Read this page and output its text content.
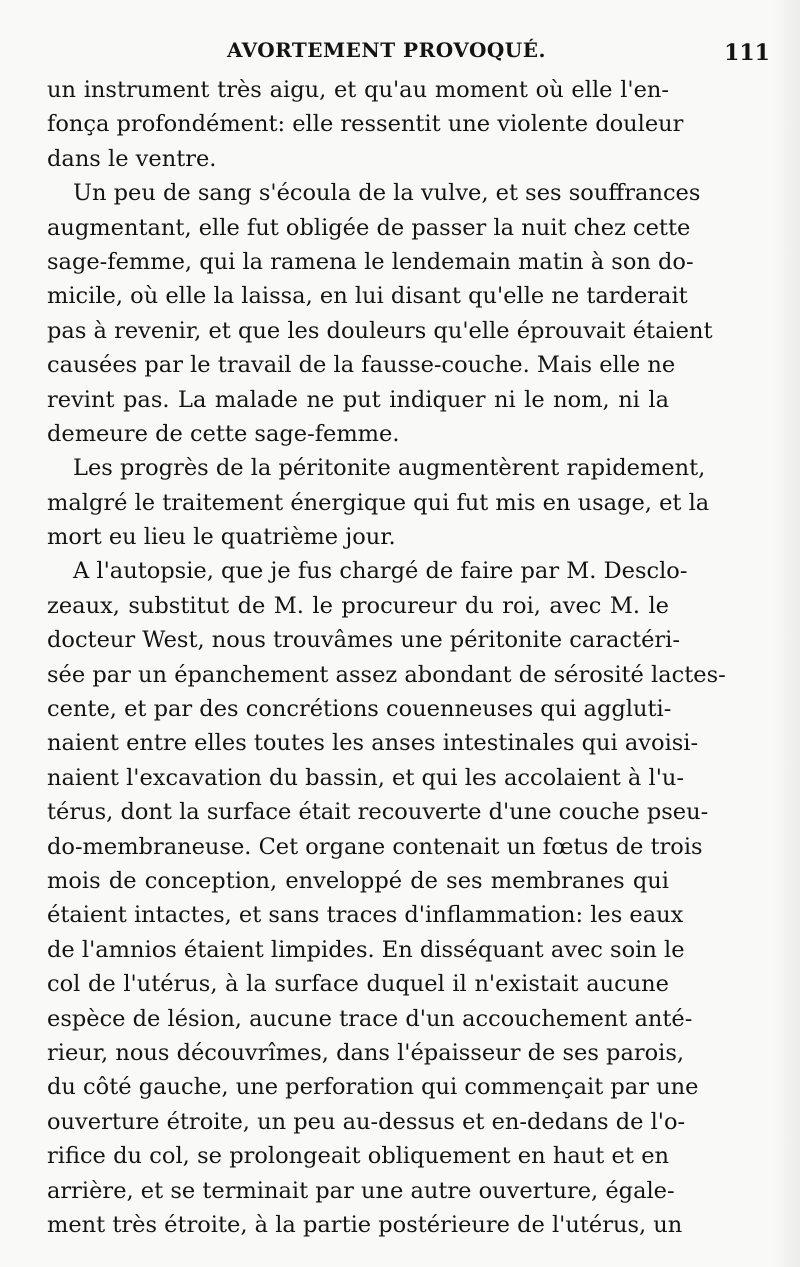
AVORTEMENT PROVOQUÉ.	111
un instrument très aigu, et qu'au moment où elle l'en-
fonça profondément: elle ressentit une violente douleur
dans le ventre.
Un peu de sang s'écoula de la vulve, et ses souffrances
augmentant, elle fut obligée de passer la nuit chez cette
sage-femme, qui la ramena le lendemain matin à son do-
micile, où elle la laissa, en lui disant qu'elle ne tarderait
pas à revenir, et que les douleurs qu'elle éprouvait étaient
causées par le travail de la fausse-couche. Mais elle ne
revint pas. La malade ne put indiquer ni le nom, ni la
demeure de cette sage-femme.
Les progrès de la péritonite augmentèrent rapidement,
malgré le traitement énergique qui fut mis en usage, et la
mort eu lieu le quatrième jour.
A l'autopsie, que je fus chargé de faire par M. Desclo-
zeaux, substitut de M. le procureur du roi, avec M. le
docteur West, nous trouvâmes une péritonite caractéri-
sée par un épanchement assez abondant de sérosité lactes-
cente, et par des concrétions couenneuses qui aggluti-
naient entre elles toutes les anses intestinales qui avoisi-
naient l'excavation du bassin, et qui les accolaient à l'u-
térus, dont la surface était recouverte d'une couche pseu-
do-membraneuse. Cet organe contenait un fœtus de trois
mois de conception, enveloppé de ses membranes qui
étaient intactes, et sans traces d'inflammation: les eaux
de l'amnios étaient limpides. En disséquant avec soin le
col de l'utérus, à la surface duquel il n'existait aucune
espèce de lésion, aucune trace d'un accouchement anté-
rieur, nous découvrîmes, dans l'épaisseur de ses parois,
du côté gauche, une perforation qui commençait par une
ouverture étroite, un peu au-dessus et en-dedans de l'o-
rifice du col, se prolongeait obliquement en haut et en
arrière, et se terminait par une autre ouverture, égale-
ment très étroite, à la partie postérieure de l'utérus, un
